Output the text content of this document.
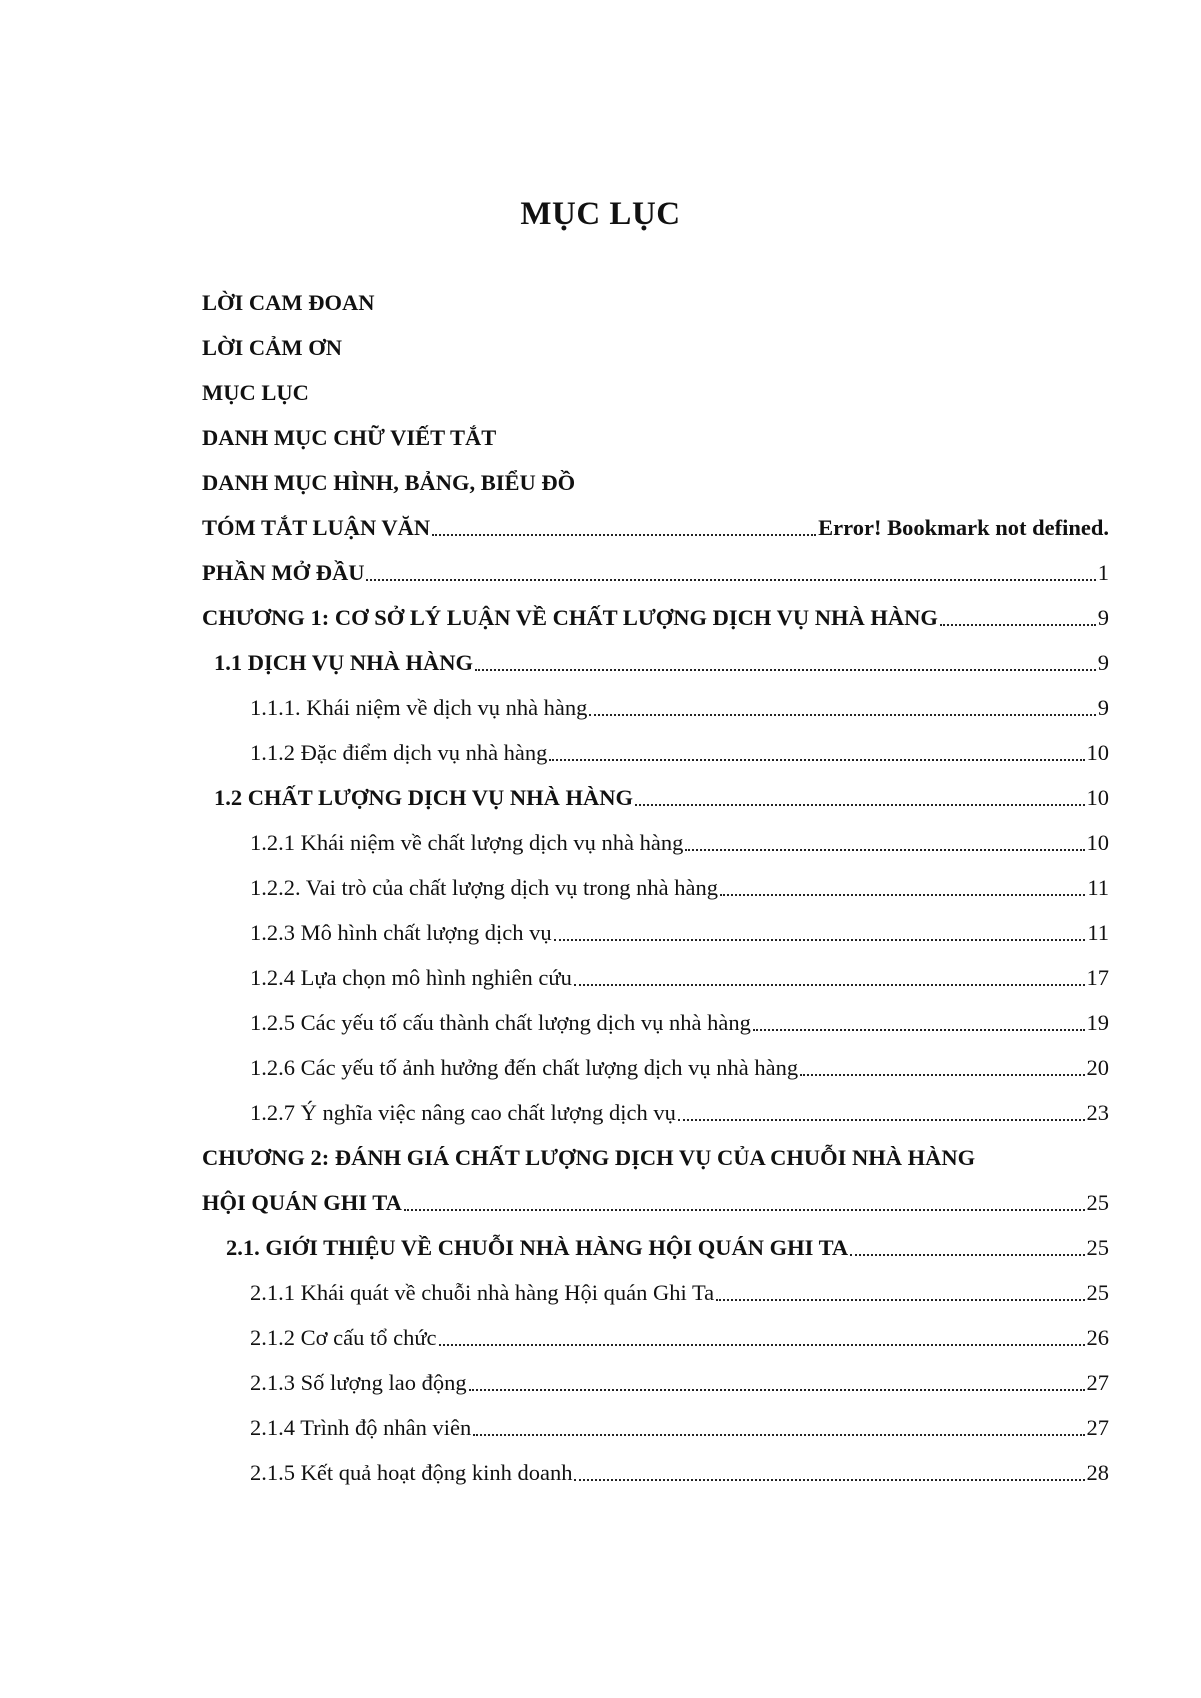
MỤC LỤC
LỜI CAM ĐOAN
LỜI CẢM ƠN
MỤC LỤC
DANH MỤC CHỮ VIẾT TẮT
DANH MỤC HÌNH, BẢNG, BIỂU ĐỒ
TÓM TẮT LUẬN VĂN	Error! Bookmark not defined.
PHẦN MỞ ĐẦU	1
CHƯƠNG 1: CƠ SỞ LÝ LUẬN VỀ CHẤT LƯỢNG DỊCH VỤ NHÀ HÀNG	9
1.1 DỊCH VỤ NHÀ HÀNG	9
1.1.1. Khái niệm về dịch vụ nhà hàng	9
1.1.2 Đặc điểm dịch vụ nhà hàng	10
1.2 CHẤT LƯỢNG DỊCH VỤ NHÀ HÀNG	10
1.2.1 Khái niệm về chất lượng dịch vụ nhà hàng	10
1.2.2. Vai trò của chất lượng dịch vụ trong nhà hàng	11
1.2.3 Mô hình chất lượng dịch vụ	11
1.2.4 Lựa chọn mô hình nghiên cứu	17
1.2.5 Các yếu tố cấu thành chất lượng dịch vụ nhà hàng	19
1.2.6 Các yếu tố ảnh hưởng đến chất lượng dịch vụ nhà hàng	20
1.2.7 Ý nghĩa việc nâng cao chất lượng dịch vụ	23
CHƯƠNG 2: ĐÁNH GIÁ CHẤT LƯỢNG DỊCH VỤ CỦA CHUỖI NHÀ HÀNG
HỘI QUÁN GHI TA	25
2.1. GIỚI THIỆU VỀ CHUỖI NHÀ HÀNG HỘI QUÁN GHI TA	25
2.1.1 Khái quát về chuỗi nhà hàng Hội quán Ghi Ta	25
2.1.2 Cơ cấu tổ chức	26
2.1.3 Số lượng lao động	27
2.1.4 Trình độ nhân viên	27
2.1.5 Kết quả hoạt động kinh doanh	28
